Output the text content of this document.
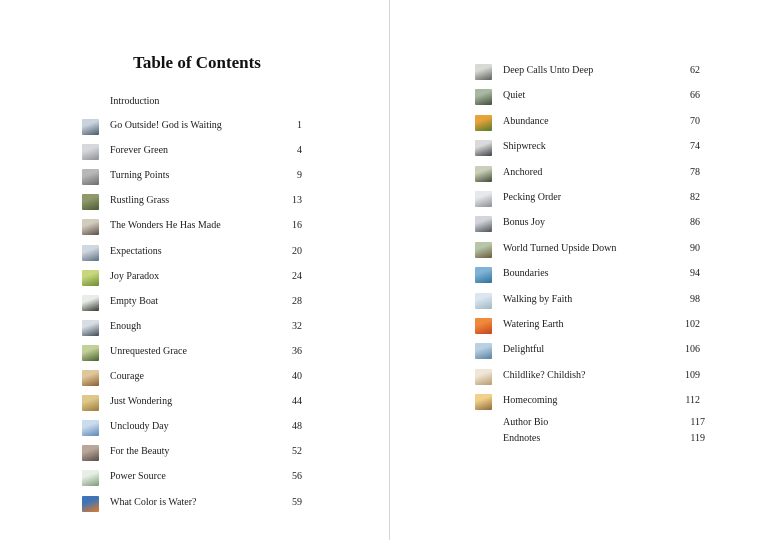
Table of Contents
Introduction
Go Outside! God is Waiting	1
Forever Green	4
Turning Points	9
Rustling Grass	13
The Wonders He Has Made	16
Expectations	20
Joy Paradox	24
Empty Boat	28
Enough	32
Unrequested Grace	36
Courage	40
Just Wondering	44
Uncloudy Day	48
For the Beauty	52
Power Source	56
What Color is Water?	59
Deep Calls Unto Deep	62
Quiet	66
Abundance	70
Shipwreck	74
Anchored	78
Pecking Order	82
Bonus Joy	86
World Turned Upside Down	90
Boundaries	94
Walking by Faith	98
Watering Earth	102
Delightful	106
Childlike? Childish?	109
Homecoming	112
Author Bio	117
Endnotes	119
